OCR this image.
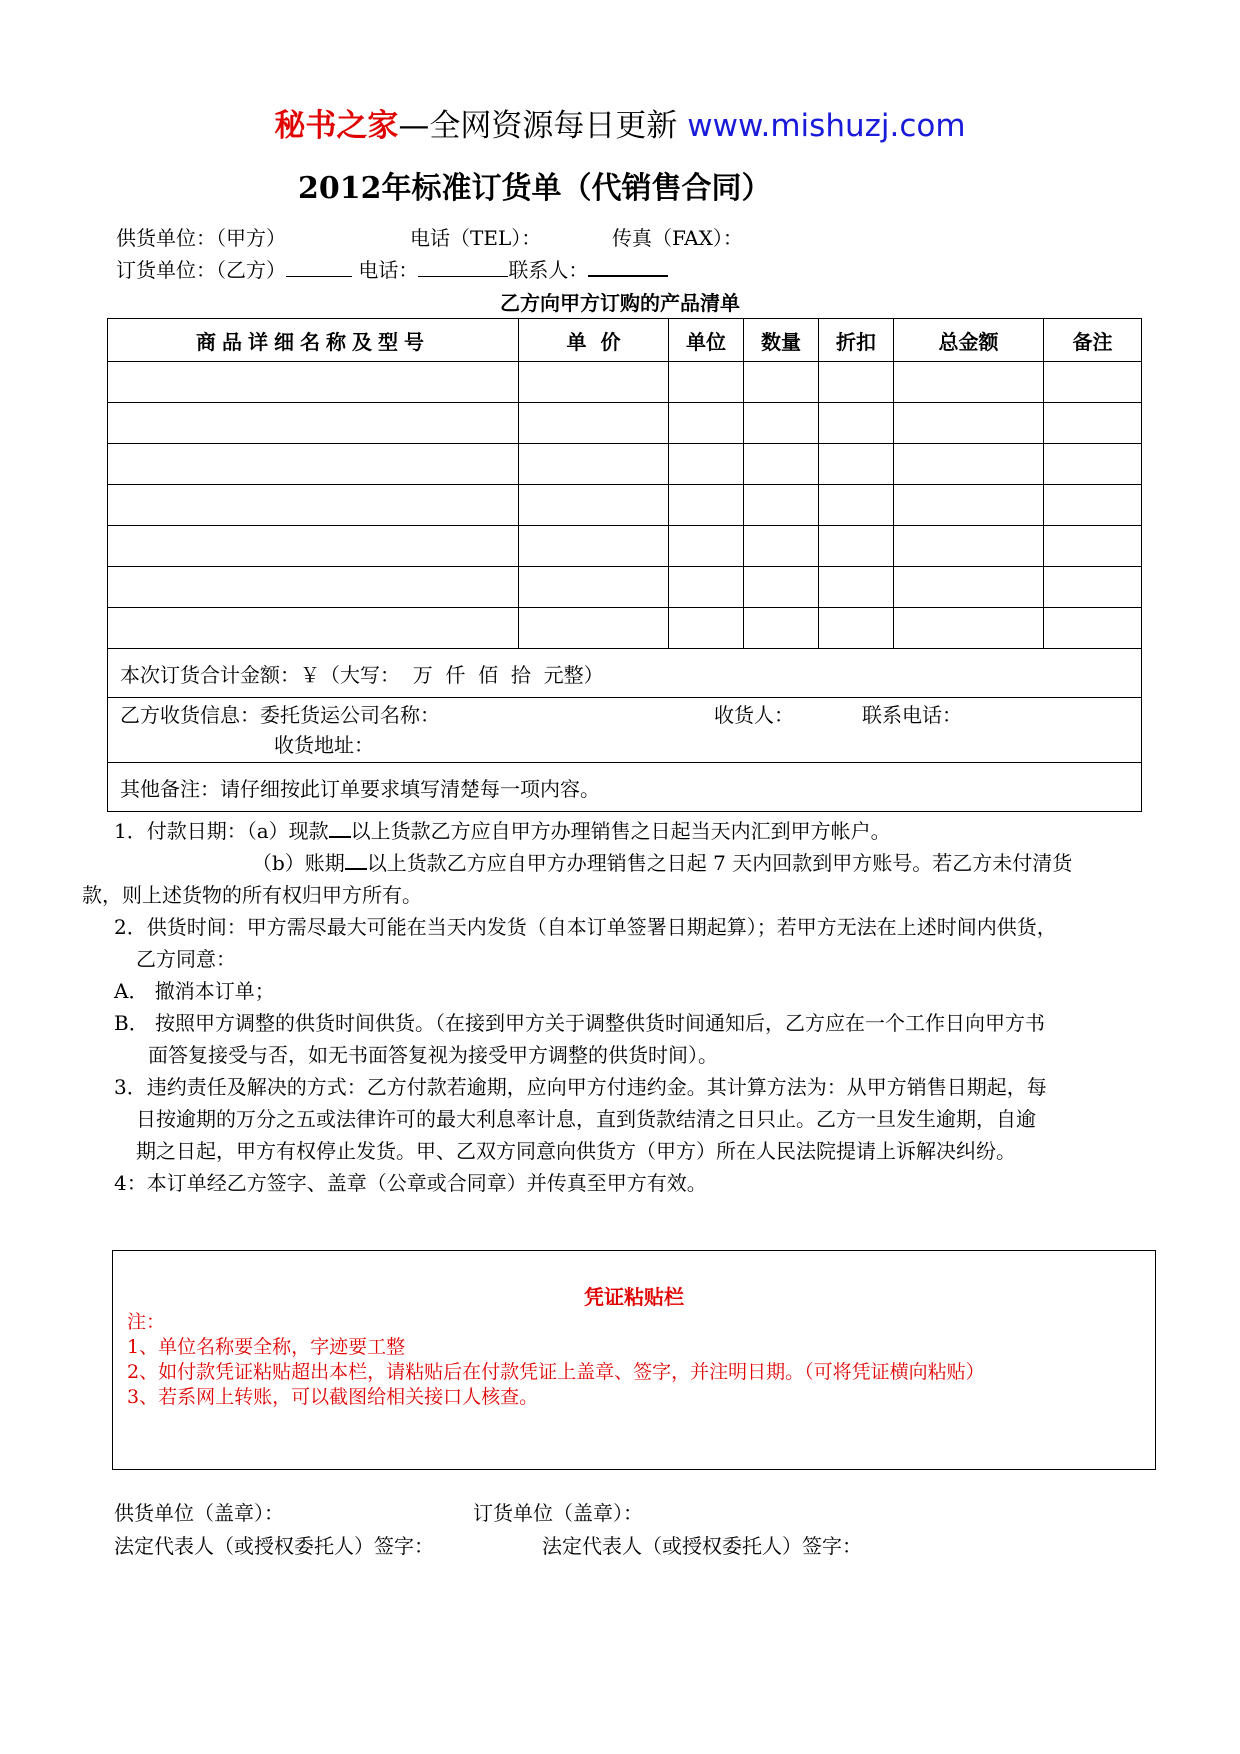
秘书之家—全网资源每日更新 www.mishuzj.com
2012年标准订货单（代销售合同）
供货单位：（甲方）	电话（TEL）：	传真（FAX）：
订货单位：（乙方）	电话：	联系人：
乙方向甲方订购的产品清单
商品详细名称及型号	单  价	单位	数量	折扣	总金额	备注

本次订货合计金额：￥（大写：  万  仟  佰  拾  元整）						

乙方收货信息：委托货运公司名称： 收货人： 联系电话：
收货地址：						

其他备注：请仔细按此订单要求填写清楚每一项内容。						
1．付款日期：（a）现款 以上货款乙方应自甲方办理销售之日起当天内汇到甲方帐户。
（b）账期 以上货款乙方应自甲方办理销售之日起 7 天内回款到甲方账号。若乙方未付清货
款，则上述货物的所有权归甲方所有。
2．供货时间：甲方需尽最大可能在当天内发货（自本订单签署日期起算）；若甲方无法在上述时间内供货，
乙方同意：
A． 撤消本订单；
B． 按照甲方调整的供货时间供货。（在接到甲方关于调整供货时间通知后，乙方应在一个工作日向甲方书
面答复接受与否，如无书面答复视为接受甲方调整的供货时间）。
3．违约责任及解决的方式：乙方付款若逾期，应向甲方付违约金。其计算方法为：从甲方销售日期起，每
日按逾期的万分之五或法律许可的最大利息率计息，直到货款结清之日只止。乙方一旦发生逾期，自逾
期之日起，甲方有权停止发货。甲、乙双方同意向供货方（甲方）所在人民法院提请上诉解决纠纷。
4：本订单经乙方签字、盖章（公章或合同章）并传真至甲方有效。
凭证粘贴栏
注：
1、单位名称要全称，字迹要工整
2、如付款凭证粘贴超出本栏，请粘贴后在付款凭证上盖章、签字，并注明日期。（可将凭证横向粘贴）
3、若系网上转账，可以截图给相关接口人核查。
供货单位（盖章）：	订货单位（盖章）：
法定代表人（或授权委托人）签字：	法定代表人（或授权委托人）签字：
